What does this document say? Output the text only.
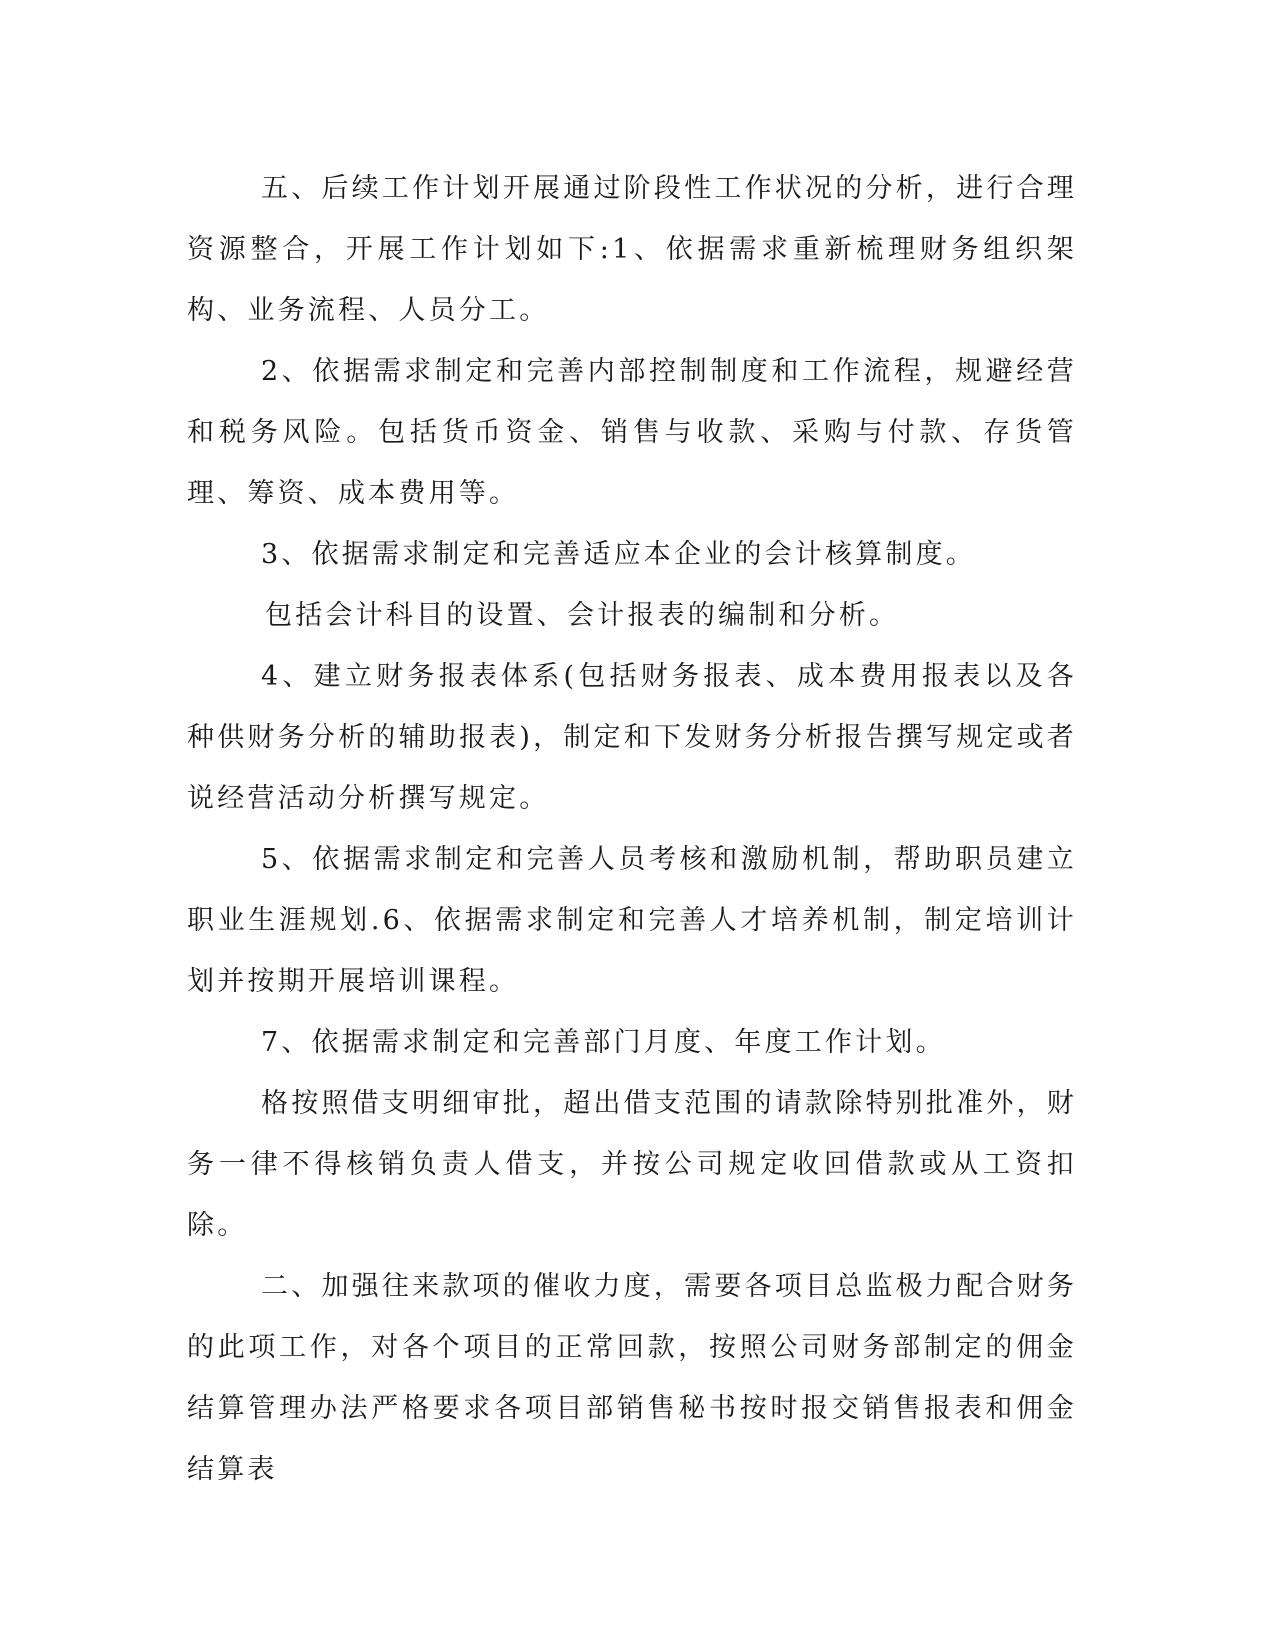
五、后续工作计划开展通过阶段性工作状况的分析，进行合理资源整合，开展工作计划如下:1、依据需求重新梳理财务组织架构、业务流程、人员分工。

2、依据需求制定和完善内部控制制度和工作流程，规避经营和税务风险。包括货币资金、销售与收款、采购与付款、存货管理、筹资、成本费用等。

3、依据需求制定和完善适应本企业的会计核算制度。

包括会计科目的设置、会计报表的编制和分析。

4、建立财务报表体系(包括财务报表、成本费用报表以及各种供财务分析的辅助报表)，制定和下发财务分析报告撰写规定或者说经营活动分析撰写规定。

5、依据需求制定和完善人员考核和激励机制，帮助职员建立职业生涯规划.6、依据需求制定和完善人才培养机制，制定培训计划并按期开展培训课程。

7、依据需求制定和完善部门月度、年度工作计划。

格按照借支明细审批，超出借支范围的请款除特别批准外，财务一律不得核销负责人借支，并按公司规定收回借款或从工资扣除。

二、加强往来款项的催收力度，需要各项目总监极力配合财务的此项工作，对各个项目的正常回款，按照公司财务部制定的佣金结算管理办法严格要求各项目部销售秘书按时报交销售报表和佣金结算表
